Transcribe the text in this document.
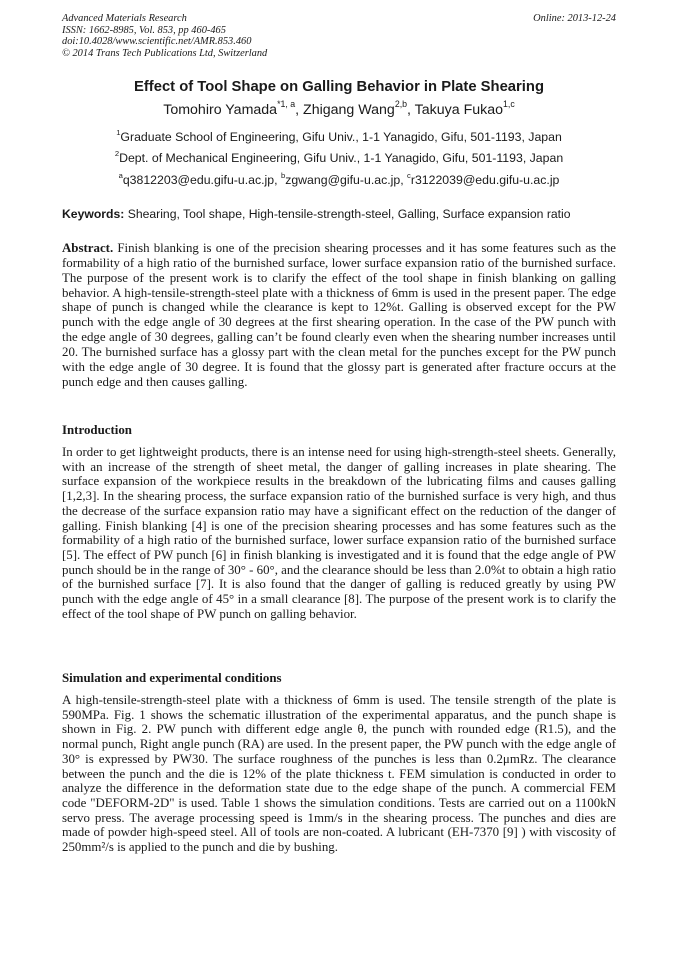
Advanced Materials Research
ISSN: 1662-8985, Vol. 853, pp 460-465
doi:10.4028/www.scientific.net/AMR.853.460
© 2014 Trans Tech Publications Ltd, Switzerland
Online: 2013-12-24
Effect of Tool Shape on Galling Behavior in Plate Shearing
Tomohiro Yamada$^{*1, a}$, Zhigang Wang$^{2,b}$, Takuya Fukao$^{1,c}$
$^1$Graduate School of Engineering, Gifu Univ., 1-1 Yanagido, Gifu, 501-1193, Japan
$^2$Dept. of Mechanical Engineering, Gifu Univ., 1-1 Yanagido, Gifu, 501-1193, Japan
$^a$q3812203@edu.gifu-u.ac.jp, $^b$zgwang@gifu-u.ac.jp, $^c$r3122039@edu.gifu-u.ac.jp
Keywords: Shearing, Tool shape, High-tensile-strength-steel, Galling, Surface expansion ratio
Abstract. Finish blanking is one of the precision shearing processes and it has some features such as the formability of a high ratio of the burnished surface, lower surface expansion ratio of the burnished surface. The purpose of the present work is to clarify the effect of the tool shape in finish blanking on galling behavior. A high-tensile-strength-steel plate with a thickness of 6mm is used in the present paper. The edge shape of punch is changed while the clearance is kept to 12%t. Galling is observed except for the PW punch with the edge angle of 30 degrees at the first shearing operation. In the case of the PW punch with the edge angle of 30 degrees, galling can’t be found clearly even when the shearing number increases until 20. The burnished surface has a glossy part with the clean metal for the punches except for the PW punch with the edge angle of 30 degree. It is found that the glossy part is generated after fracture occurs at the punch edge and then causes galling.
Introduction
In order to get lightweight products, there is an intense need for using high-strength-steel sheets. Generally, with an increase of the strength of sheet metal, the danger of galling increases in plate shearing. The surface expansion of the workpiece results in the breakdown of the lubricating films and causes galling [1,2,3]. In the shearing process, the surface expansion ratio of the burnished surface is very high, and thus the decrease of the surface expansion ratio may have a significant effect on the reduction of the danger of galling. Finish blanking [4] is one of the precision shearing processes and has some features such as the formability of a high ratio of the burnished surface, lower surface expansion ratio of the burnished surface [5]. The effect of PW punch [6] in finish blanking is investigated and it is found that the edge angle of PW punch should be in the range of 30° - 60°, and the clearance should be less than 2.0%t to obtain a high ratio of the burnished surface [7]. It is also found that the danger of galling is reduced greatly by using PW punch with the edge angle of 45° in a small clearance [8]. The purpose of the present work is to clarify the effect of the tool shape of PW punch on galling behavior.
Simulation and experimental conditions
A high-tensile-strength-steel plate with a thickness of 6mm is used. The tensile strength of the plate is 590MPa. Fig. 1 shows the schematic illustration of the experimental apparatus, and the punch shape is shown in Fig. 2. PW punch with different edge angle θ, the punch with rounded edge (R1.5), and the normal punch, Right angle punch (RA) are used. In the present paper, the PW punch with the edge angle of 30° is expressed by PW30. The surface roughness of the punches is less than 0.2μmRz. The clearance between the punch and the die is 12% of the plate thickness t. FEM simulation is conducted in order to analyze the difference in the deformation state due to the edge shape of the punch. A commercial FEM code "DEFORM-2D" is used. Table 1 shows the simulation conditions. Tests are carried out on a 1100kN servo press. The average processing speed is 1mm/s in the shearing process. The punches and dies are made of powder high-speed steel. All of tools are non-coated. A lubricant (EH-7370 [9] ) with viscosity of 250mm²/s is applied to the punch and die by bushing.
